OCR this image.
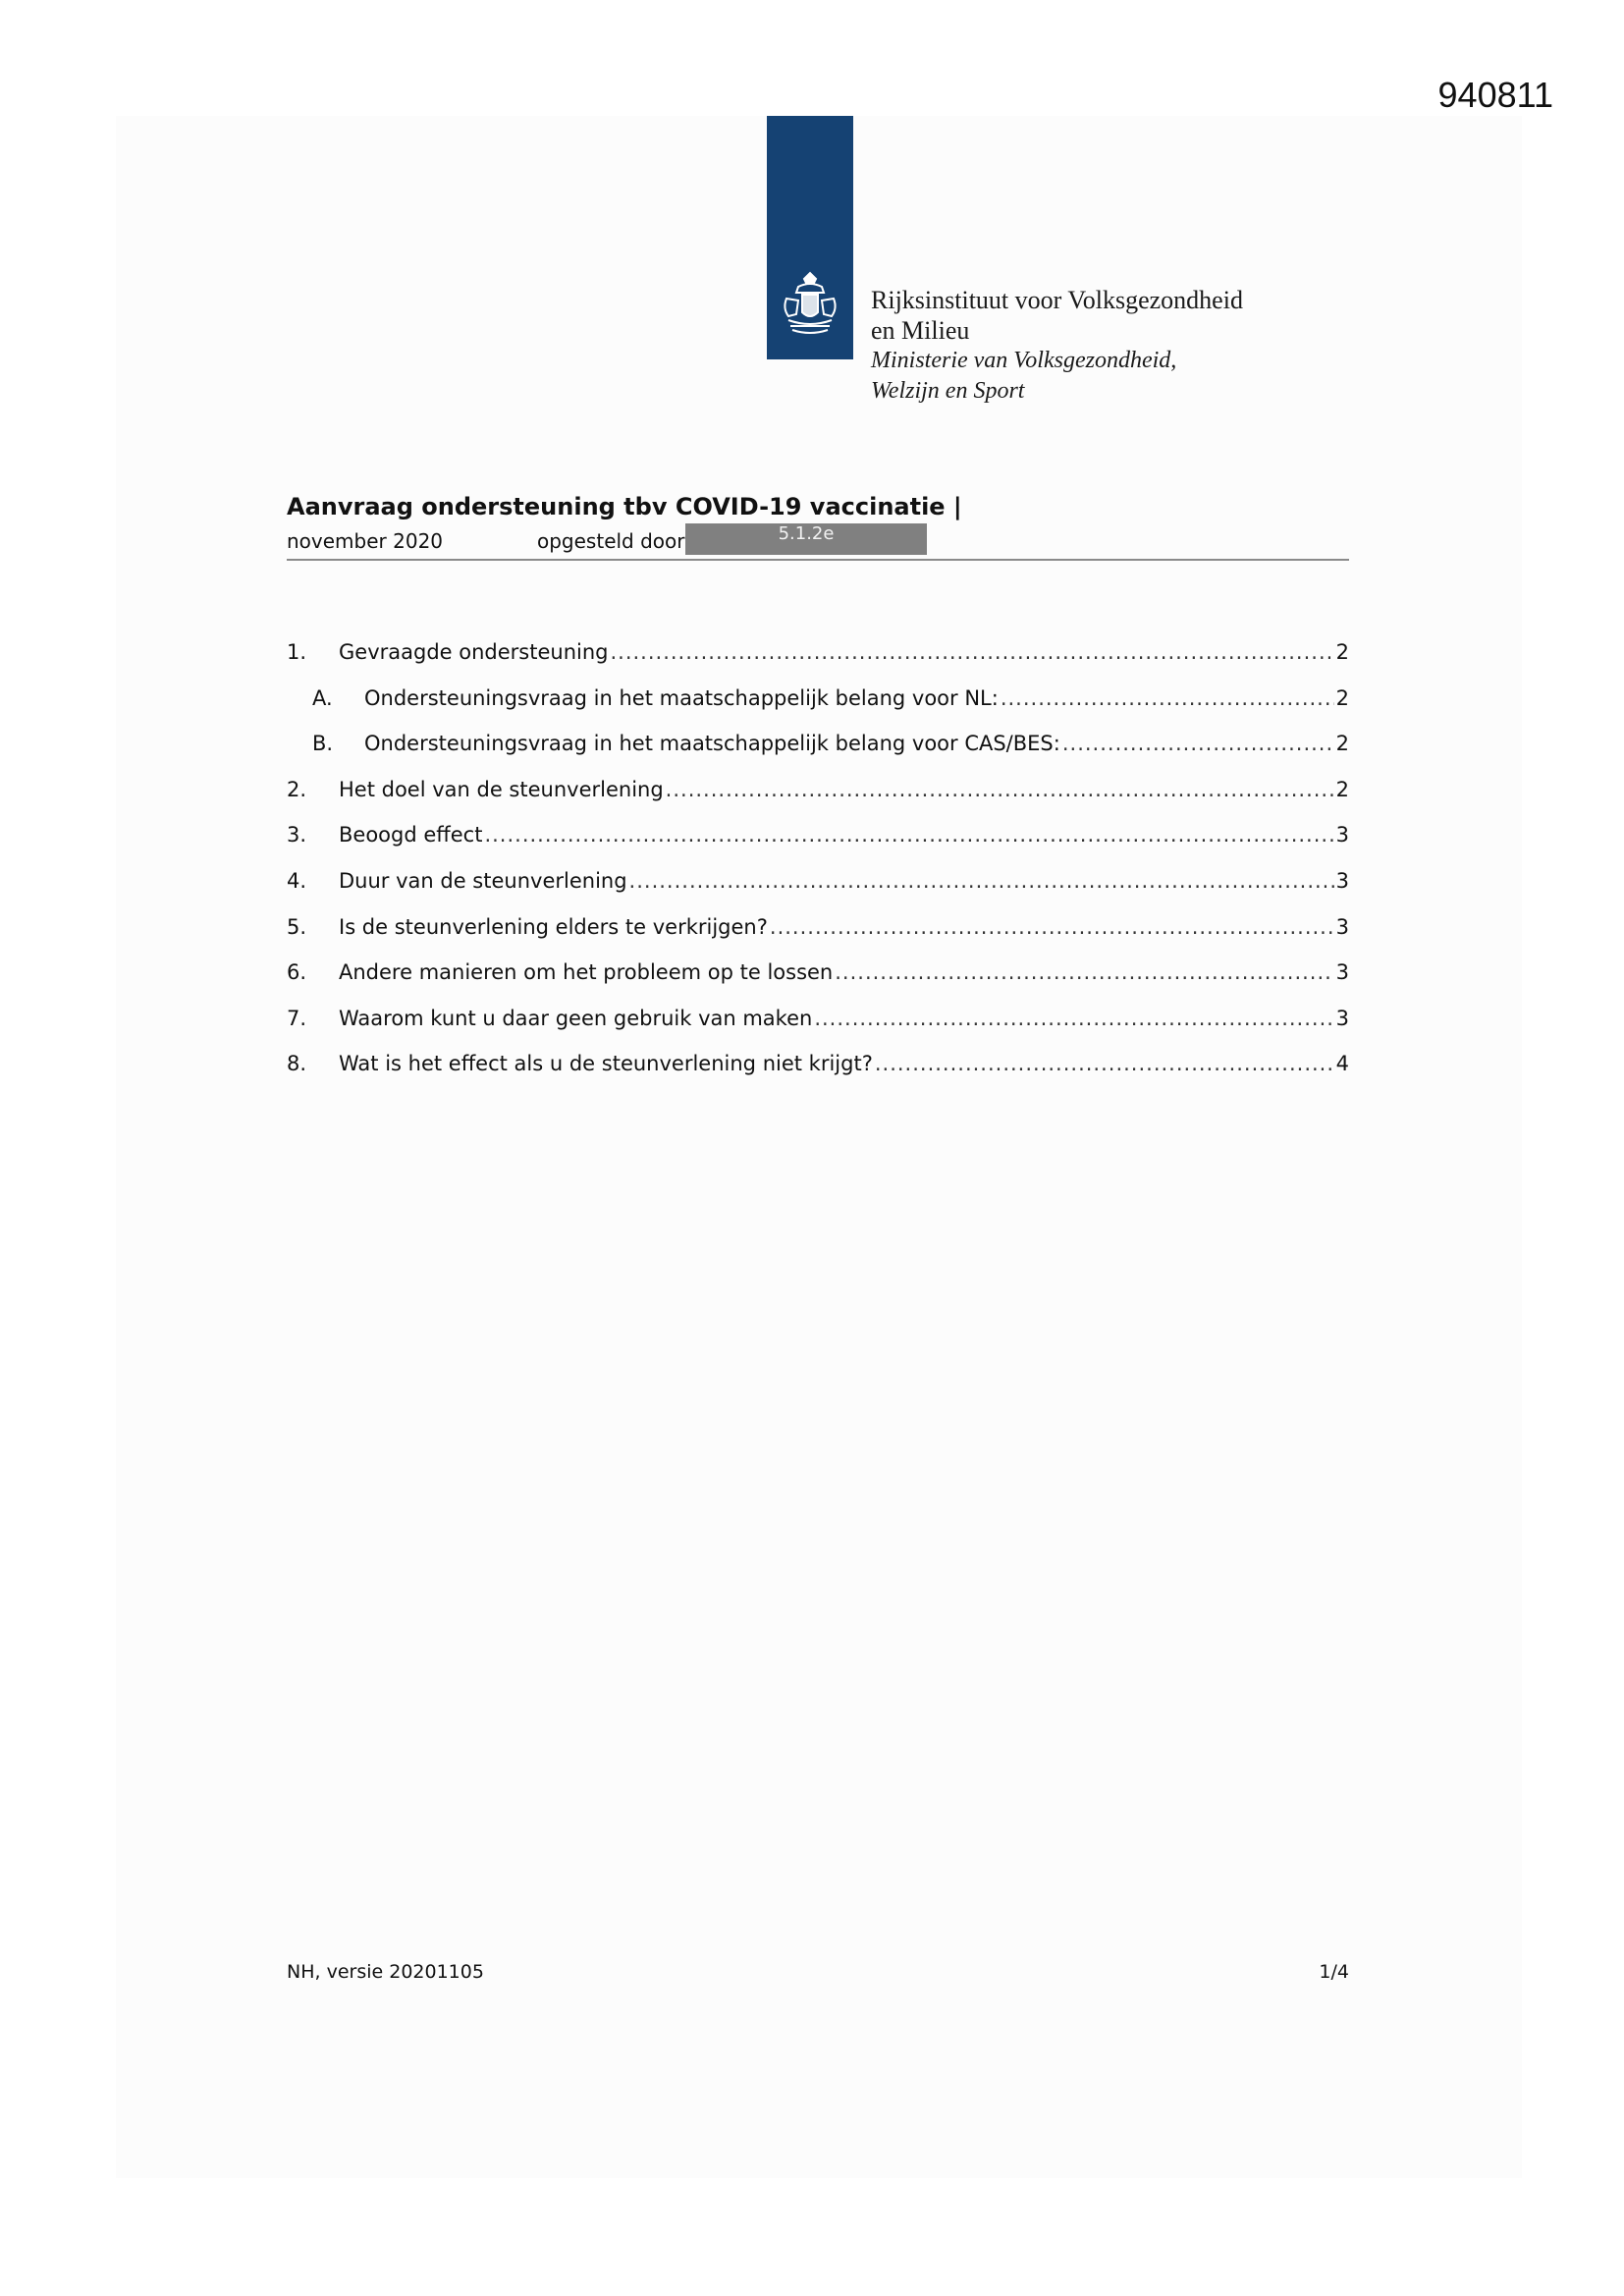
940811
Rijksinstituut voor Volksgezondheid
en Milieu
Ministerie van Volksgezondheid,
Welzijn en Sport
Aanvraag ondersteuning tbv COVID-19 vaccinatie |
november 2020	opgesteld door	5.1.2e
1. Gevraagde ondersteuning .....	2
A. Ondersteuningsvraag in het maatschappelijk belang voor NL: .....	2
B. Ondersteuningsvraag in het maatschappelijk belang voor CAS/BES: .....	2
2. Het doel van de steunverlening .....	2
3. Beoogd effect .....	3
4. Duur van de steunverlening .....	3
5. Is de steunverlening elders te verkrijgen? .....	3
6. Andere manieren om het probleem op te lossen .....	3
7. Waarom kunt u daar geen gebruik van maken .....	3
8. Wat is het effect als u de steunverlening niet krijgt? .....	4
NH, versie 20201105	1/4
